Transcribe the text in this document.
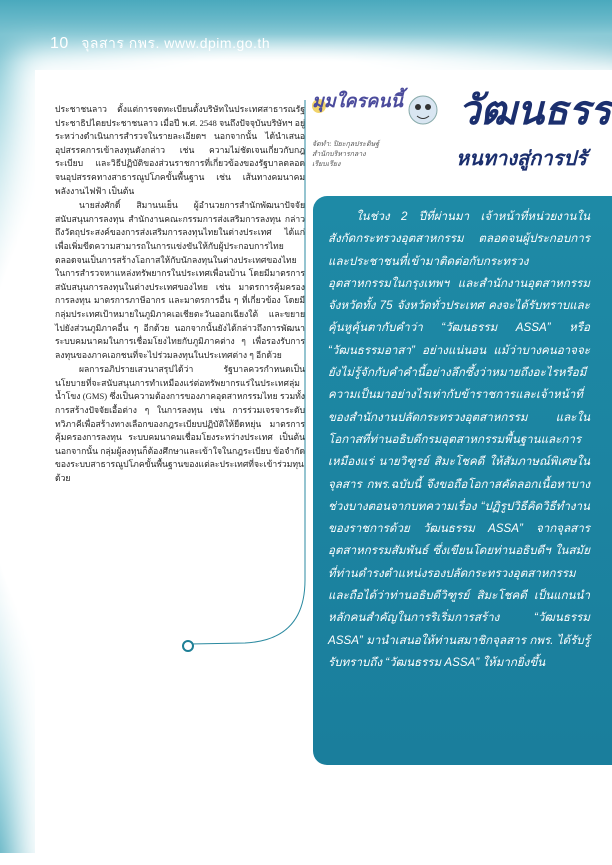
10 จุลสาร กพร. www.dpim.go.th

ประชาชนลาว ตั้งแต่การจดทะเบียนตั้งบริษัทในประเทศสาธารณรัฐประชาธิปไตยประชาชนลาว เมื่อปี พ.ศ. 2548 จนถึงปัจจุบันบริษัทฯ อยู่ระหว่างดำเนินการสำรวจในรายละเอียดฯ นอกจากนั้น ได้นำเสนออุปสรรคการเข้าลงทุนดังกล่าว เช่น ความไม่ชัดเจนเกี่ยวกับกฎระเบียบ และวิธีปฏิบัติของส่วนราชการที่เกี่ยวข้องของรัฐบาลตลอดจนอุปสรรคทางสาธารณูปโภคขั้นพื้นฐาน เช่น เส้นทางคมนาคม พลังงานไฟฟ้า เป็นต้น

นายส่งศักดิ์ สิมานนเย็น ผู้อำนวยการสำนักพัฒนาปัจจัยสนับสนุนการลงทุน สำนักงานคณะกรรมการส่งเสริมการลงทุน กล่าวถึงวัตถุประสงค์ของการส่งเสริมการลงทุนไทยในต่างประเทศ ได้แก่ เพื่อเพิ่มขีดความสามารถในการแข่งขันให้กับผู้ประกอบการไทย ตลอดจนเป็นการสร้างโอกาสให้กับนักลงทุนในต่างประเทศของไทยในการสำรวจหาแหล่งทรัพยากรในประเทศเพื่อนบ้าน โดยมีมาตรการสนับสนุนการลงทุนในต่างประเทศของไทย เช่น มาตรการคุ้มครองการลงทุน มาตรการภาษีอากร และมาตรการอื่น ๆ ที่เกี่ยวข้อง โดยมีกลุ่มประเทศเป้าหมายในภูมิภาคเอเชียตะวันออกเฉียงใต้ และขยายไปยังส่วนภูมิภาคอื่น ๆ อีกด้วย นอกจากนั้นยังได้กล่าวถึงการพัฒนาระบบคมนาคมในการเชื่อมโยงไทยกับภูมิภาคต่าง ๆ เพื่อรองรับการลงทุนของภาคเอกชนที่จะไปร่วมลงทุนในประเทศต่าง ๆ อีกด้วย

ผลการอภิปรายเสวนาสรุปได้ว่า รัฐบาลควรกำหนดเป็นนโยบายที่จะสนับสนุนการทำเหมืองแร่ต่อทรัพยากรแร่ในประเทศลุ่มน้ำโขง (GMS) ซึ่งเป็นความต้องการของภาคอุตสาหกรรมไทย รวมทั้งการสร้างปัจจัยเอื้อต่าง ๆ ในการลงทุน เช่น การร่วมเจรจาระดับทวิภาคีเพื่อสร้างทางเลือกของกฎระเบียบปฏิบัติให้ยืดหยุ่น มาตรการคุ้มครองการลงทุน ระบบคมนาคมเชื่อมโยงระหว่างประเทศ เป็นต้น นอกจากนั้น กลุ่มผู้ลงทุนก็ต้องศึกษาและเข้าใจในกฎระเบียบ ข้อจำกัดของระบบสาธารณูปโภคขั้นพื้นฐานของแต่ละประเทศที่จะเข้าร่วมทุนด้วย

มุมใครคนนี้
จัดทำ: ปิยะกุลประดิษฐ์
สำนักบริหารกลาง
เรียบเรียง
วัฒนธรร
หนทางสู่การปรั

ในช่วง 2 ปีที่ผ่านมา เจ้าหน้าที่หน่วยงานในสังกัดกระทรวงอุตสาหกรรม ตลอดจนผู้ประกอบการและประชาชนที่เข้ามาติดต่อกับกระทรวงอุตสาหกรรมในกรุงเทพฯ และสำนักงานอุตสาหกรรมจังหวัดทั้ง 75 จังหวัดทั่วประเทศ คงจะได้รับทราบและคุ้นหูคุ้นตากับคำว่า “วัฒนธรรม ASSA” หรือ “วัฒนธรรมอาสา” อย่างแน่นอน แม้ว่าบางคนอาจจะยังไม่รู้จักกับคำคำนี้อย่างลึกซึ้งว่าหมายถึงอะไรหรือมีความเป็นมาอย่างไรเท่ากับข้าราชการและเจ้าหน้าที่ของสำนักงานปลัดกระทรวงอุตสาหกรรม และในโอกาสที่ท่านอธิบดีกรมอุตสาหกรรมพื้นฐานและการเหมืองแร่ นายวิฑูรย์ สิมะโชคดี ให้สัมภาษณ์พิเศษในจุลสาร กพร.ฉบับนี้ จึงขอถือโอกาสคัดลอกเนื้อหาบางช่วงบางตอนจากบทความเรื่อง “ปฏิรูปวิธีคิดวิธีทำงานของราชการด้วย วัฒนธรรม ASSA” จากจุลสารอุตสาหกรรมสัมพันธ์ ซึ่งเขียนโดยท่านอธิบดีฯ ในสมัยที่ท่านดำรงตำแหน่งรองปลัดกระทรวงอุตสาหกรรม และถือได้ว่าท่านอธิบดีวิฑูรย์ สิมะโชคดี เป็นแกนนำหลักคนสำคัญในการริเริ่มการสร้าง “วัฒนธรรม ASSA” มานำเสนอให้ท่านสมาชิกจุลสาร กพร. ได้รับรู้รับทราบถึง “วัฒนธรรม ASSA” ให้มากยิ่งขึ้น
